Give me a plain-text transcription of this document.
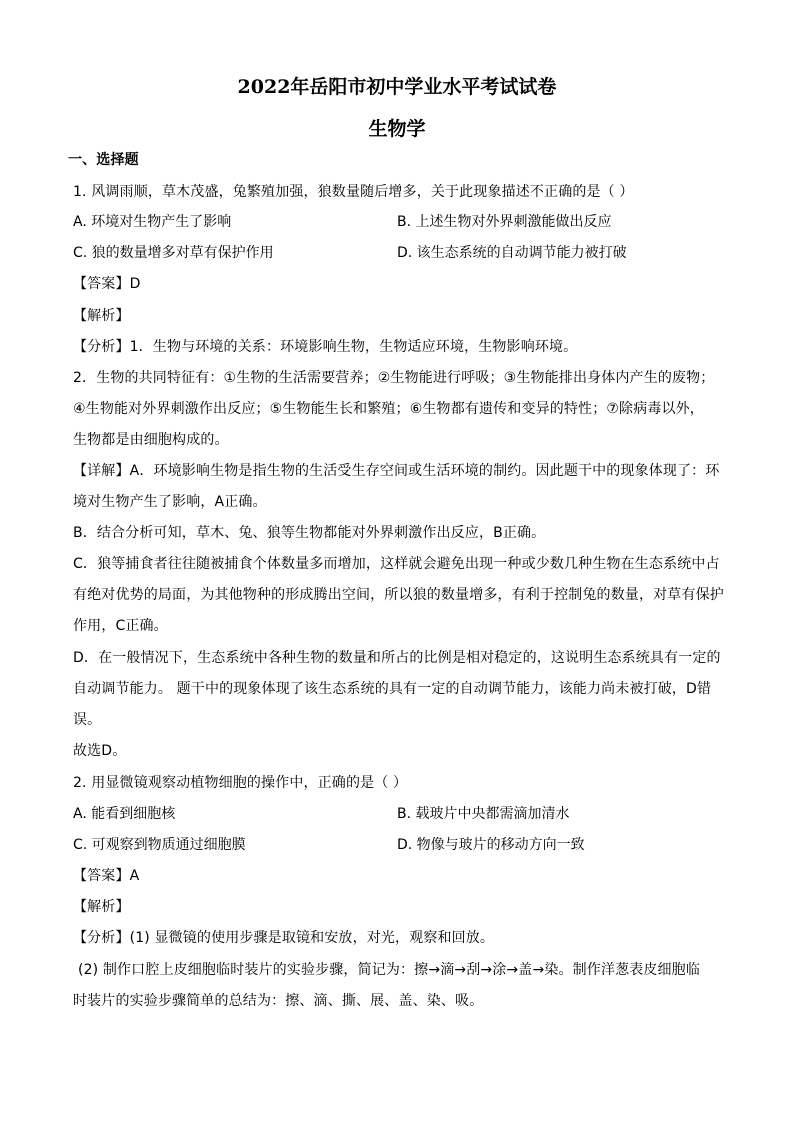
2022年岳阳市初中学业水平考试试卷
生物学
一、选择题
1. 风调雨顺，草木茂盛，兔繁殖加强，狼数量随后增多，关于此现象描述不正确的是（ ）
A. 环境对生物产生了影响	B. 上述生物对外界刺激能做出反应
C. 狼的数量增多对草有保护作用	D. 该生态系统的自动调节能力被打破
【答案】D
【解析】
【分析】1．生物与环境的关系：环境影响生物，生物适应环境，生物影响环境。
2．生物的共同特征有：①生物的生活需要营养；②生物能进行呼吸；③生物能排出身体内产生的废物；
④生物能对外界刺激作出反应；⑤生物能生长和繁殖；⑥生物都有遗传和变异的特性；⑦除病毒以外，
生物都是由细胞构成的。
【详解】A．环境影响生物是指生物的生活受生存空间或生活环境的制约。因此题干中的现象体现了：环
境对生物产生了影响，A正确。
B．结合分析可知，草木、兔、狼等生物都能对外界刺激作出反应，B正确。
C．狼等捕食者往往随被捕食个体数量多而增加，这样就会避免出现一种或少数几种生物在生态系统中占
有绝对优势的局面，为其他物种的形成腾出空间，所以狼的数量增多，有利于控制兔的数量，对草有保护
作用，C正确。
D．在一般情况下，生态系统中各种生物的数量和所占的比例是相对稳定的，这说明生态系统具有一定的
自动调节能力。 题干中的现象体现了该生态系统的具有一定的自动调节能力，该能力尚未被打破，D错
误。
故选D。
2. 用显微镜观察动植物细胞的操作中，正确的是（ ）
A. 能看到细胞核	B. 载玻片中央都需滴加清水
C. 可观察到物质通过细胞膜	D. 物像与玻片的移动方向一致
【答案】A
【解析】
【分析】(1) 显微镜的使用步骤是取镜和安放，对光，观察和回放。
(2) 制作口腔上皮细胞临时装片的实验步骤，简记为：擦→滴→刮→涂→盖→染。制作洋葱表皮细胞临
时装片的实验步骤简单的总结为：擦、滴、撕、展、盖、染、吸。
